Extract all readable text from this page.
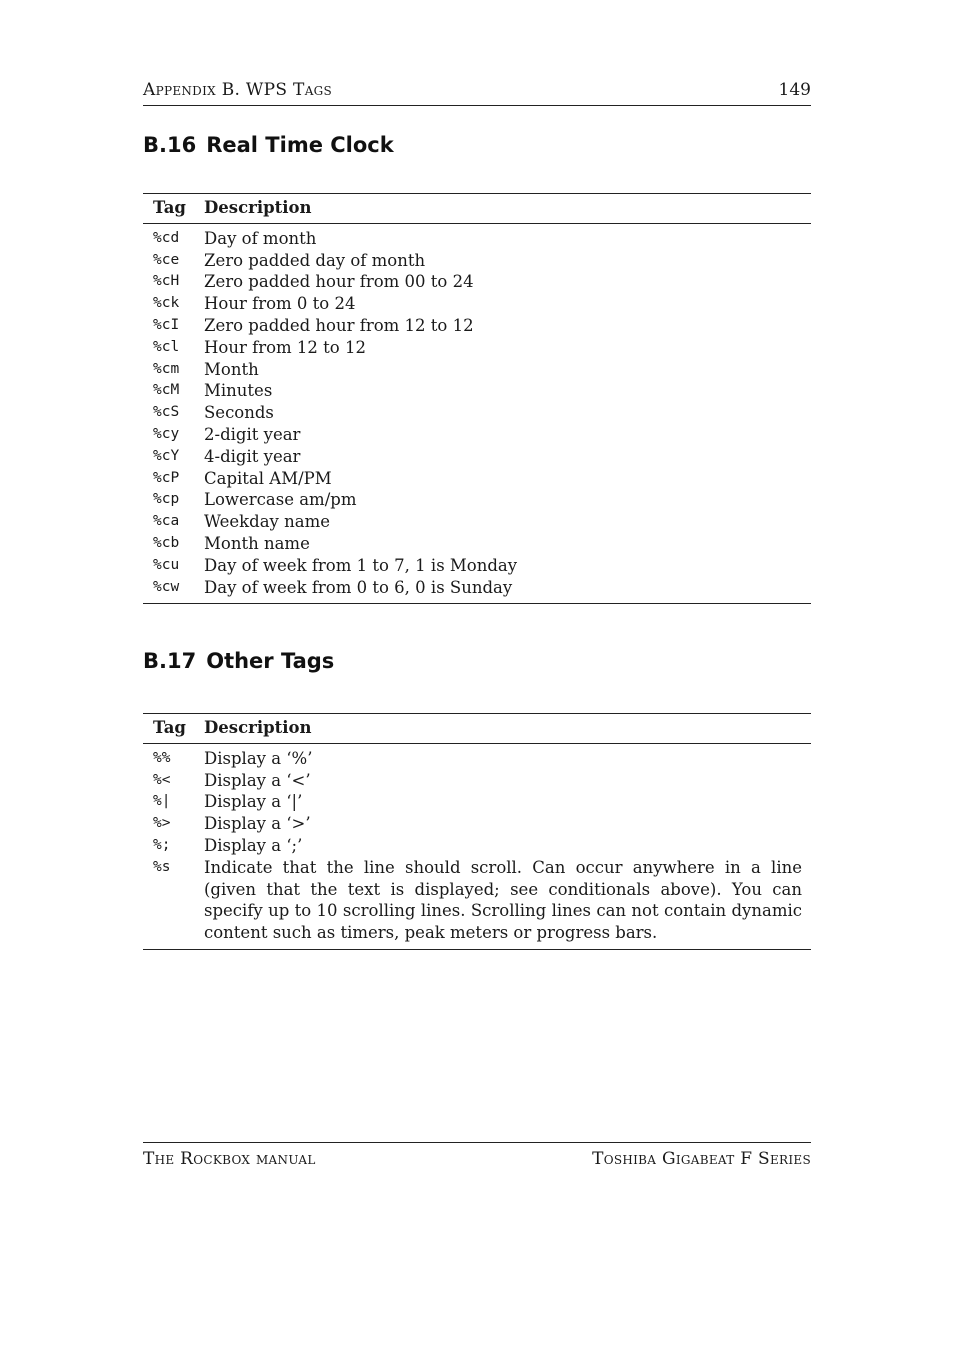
Appendix B. WPS Tags	149
B.16 Real Time Clock
Tag	Description
%cd	Day of month
%ce	Zero padded day of month
%cH	Zero padded hour from 00 to 24
%ck	Hour from 0 to 24
%cI	Zero padded hour from 12 to 12
%cl	Hour from 12 to 12
%cm	Month
%cM	Minutes
%cS	Seconds
%cy	2-digit year
%cY	4-digit year
%cP	Capital AM/PM
%cp	Lowercase am/pm
%ca	Weekday name
%cb	Month name
%cu	Day of week from 1 to 7, 1 is Monday
%cw	Day of week from 0 to 6, 0 is Sunday
B.17 Other Tags
Tag	Description
%%	Display a ‘%’
%<	Display a ‘<’
%|	Display a ‘|’
%>	Display a ‘>’
%;	Display a ‘;’
%s	Indicate that the line should scroll. Can occur anywhere in a line (given that the text is displayed; see conditionals above). You can specify up to 10 scrolling lines. Scrolling lines can not contain dynamic content such as timers, peak meters or progress bars.
The Rockbox manual	Toshiba Gigabeat F Series
